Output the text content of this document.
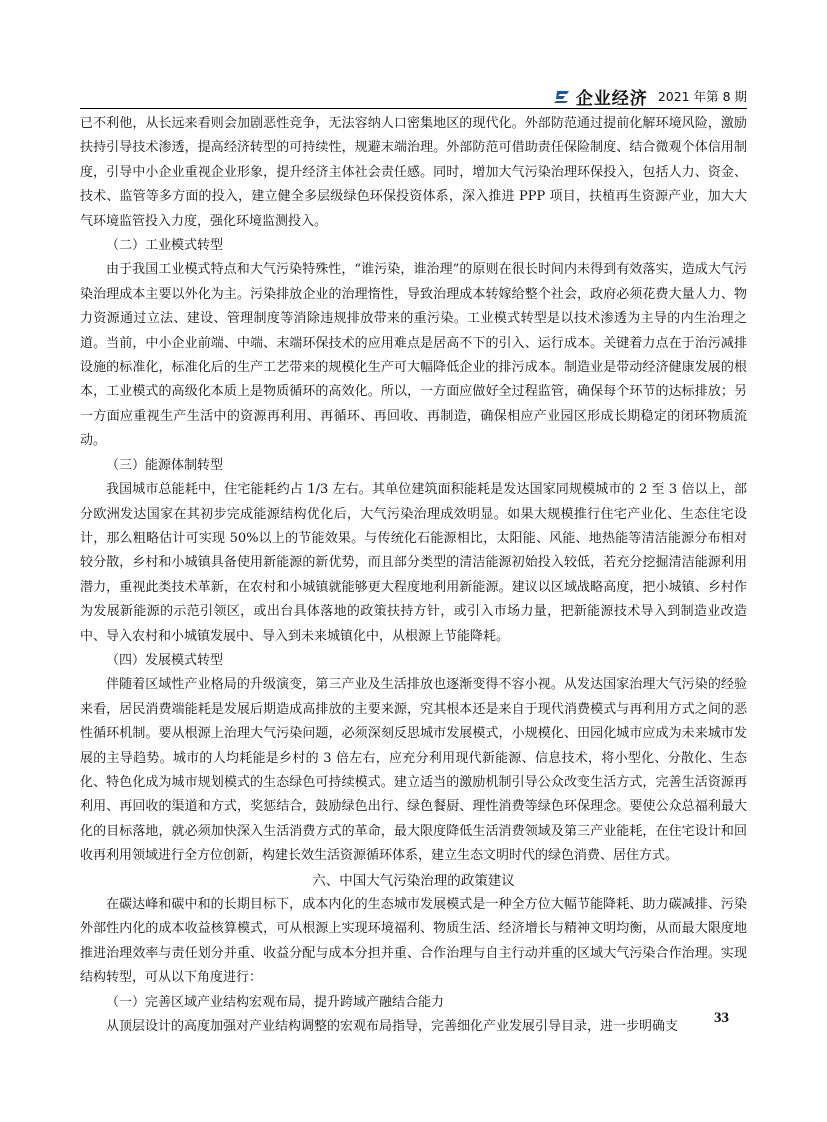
企业经济 2021 年第 8 期

已不利他，从长远来看则会加剧恶性竞争，无法容纳人口密集地区的现代化。外部防范通过提前化解环境风险，激励扶持引导技术渗透，提高经济转型的可持续性，规避末端治理。外部防范可借助责任保险制度、结合微观个体信用制度，引导中小企业重视企业形象，提升经济主体社会责任感。同时，增加大气污染治理环保投入，包括人力、资金、技术、监管等多方面的投入，建立健全多层级绿色环保投资体系，深入推进 PPP 项目，扶植再生资源产业，加大大气环境监管投入力度，强化环境监测投入。

（二）工业模式转型

由于我国工业模式特点和大气污染特殊性，“谁污染，谁治理”的原则在很长时间内未得到有效落实，造成大气污染治理成本主要以外化为主。污染排放企业的治理惰性，导致治理成本转嫁给整个社会，政府必须花费大量人力、物力资源通过立法、建设、管理制度等消除违规排放带来的重污染。工业模式转型是以技术渗透为主导的内生治理之道。当前，中小企业前端、中端、末端环保技术的应用难点是居高不下的引入、运行成本。关键着力点在于治污减排设施的标准化，标准化后的生产工艺带来的规模化生产可大幅降低企业的排污成本。制造业是带动经济健康发展的根本，工业模式的高级化本质上是物质循环的高效化。所以，一方面应做好全过程监管，确保每个环节的达标排放；另一方面应重视生产生活中的资源再利用、再循环、再回收、再制造，确保相应产业园区形成长期稳定的闭环物质流动。

（三）能源体制转型

我国城市总能耗中，住宅能耗约占 1/3 左右。其单位建筑面积能耗是发达国家同规模城市的 2 至 3 倍以上，部分欧洲发达国家在其初步完成能源结构优化后，大气污染治理成效明显。如果大规模推行住宅产业化、生态住宅设计，那么粗略估计可实现 50%以上的节能效果。与传统化石能源相比，太阳能、风能、地热能等清洁能源分布相对较分散，乡村和小城镇具备使用新能源的新优势，而且部分类型的清洁能源初始投入较低，若充分挖掘清洁能源利用潜力，重视此类技术革新，在农村和小城镇就能够更大程度地利用新能源。建议以区域战略高度，把小城镇、乡村作为发展新能源的示范引领区，或出台具体落地的政策扶持方针，或引入市场力量，把新能源技术导入到制造业改造中、导入农村和小城镇发展中、导入到未来城镇化中，从根源上节能降耗。

（四）发展模式转型

伴随着区域性产业格局的升级演变，第三产业及生活排放也逐渐变得不容小视。从发达国家治理大气污染的经验来看，居民消费端能耗是发展后期造成高排放的主要来源，究其根本还是来自于现代消费模式与再利用方式之间的恶性循环机制。要从根源上治理大气污染问题，必须深刻反思城市发展模式，小规模化、田园化城市应成为未来城市发展的主导趋势。城市的人均耗能是乡村的 3 倍左右，应充分利用现代新能源、信息技术，将小型化、分散化、生态化、特色化成为城市规划模式的生态绿色可持续模式。建立适当的激励机制引导公众改变生活方式，完善生活资源再利用、再回收的渠道和方式，奖惩结合，鼓励绿色出行、绿色餐厨、理性消费等绿色环保理念。要使公众总福利最大化的目标落地，就必须加快深入生活消费方式的革命，最大限度降低生活消费领域及第三产业能耗，在住宅设计和回收再利用领域进行全方位创新，构建长效生活资源循环体系，建立生态文明时代的绿色消费、居住方式。

六、中国大气污染治理的政策建议

在碳达峰和碳中和的长期目标下，成本内化的生态城市发展模式是一种全方位大幅节能降耗、助力碳减排、污染外部性内化的成本收益核算模式，可从根源上实现环境福利、物质生活、经济增长与精神文明均衡，从而最大限度地推进治理效率与责任划分并重、收益分配与成本分担并重、合作治理与自主行动并重的区域大气污染合作治理。实现结构转型，可从以下角度进行：

（一）完善区域产业结构宏观布局，提升跨域产融结合能力

从顶层设计的高度加强对产业结构调整的宏观布局指导，完善细化产业发展引导目录，进一步明确支

33
